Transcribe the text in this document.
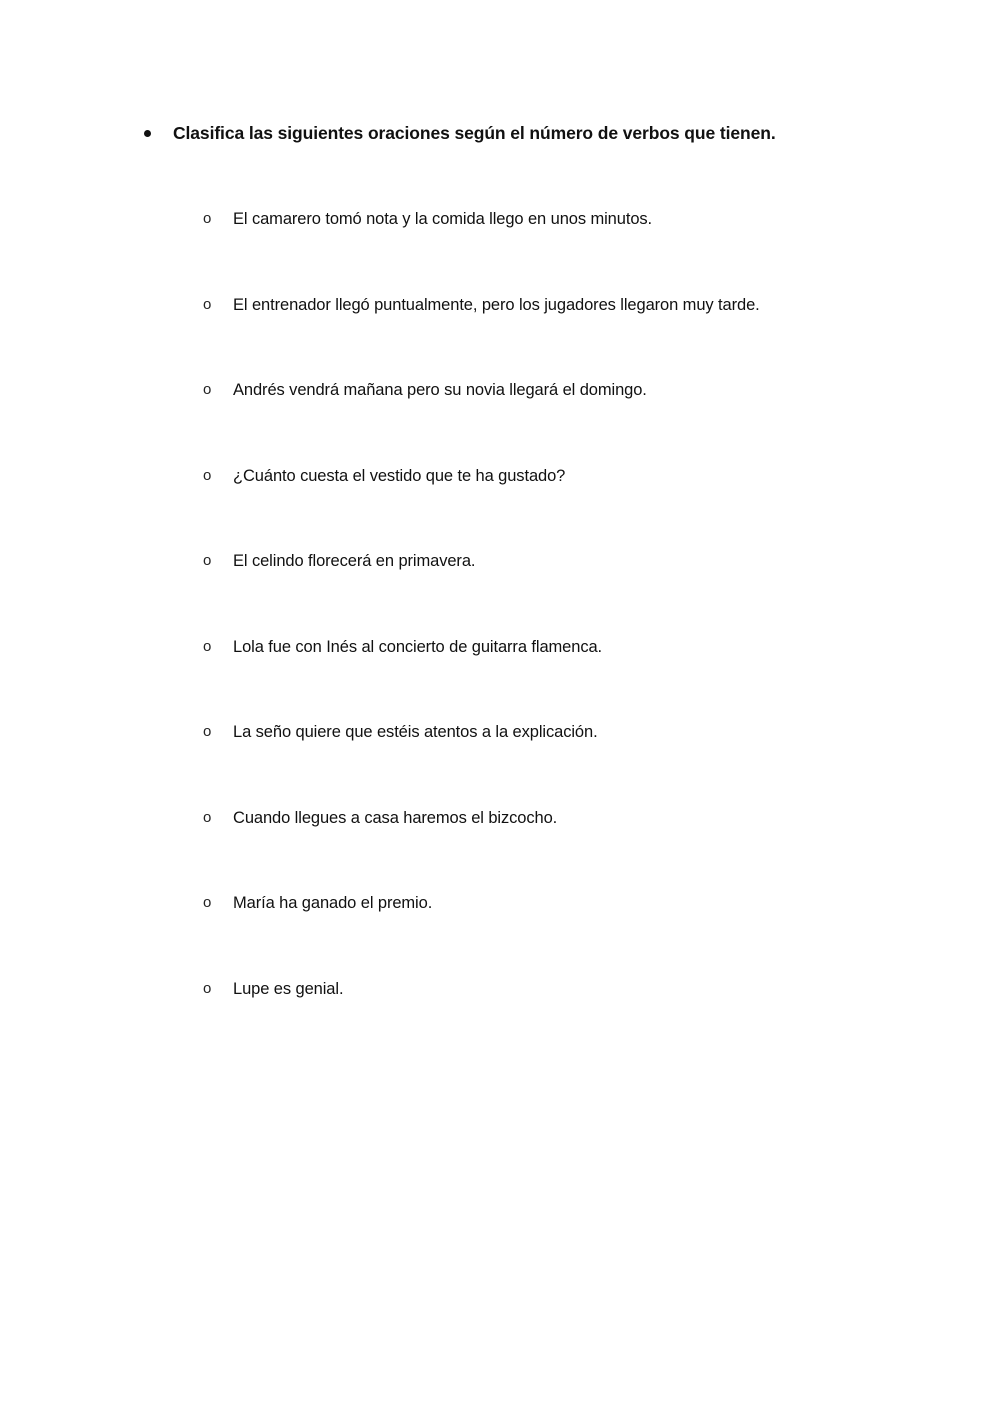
Clasifica las siguientes oraciones según el número de verbos que tienen.
o	El camarero tomó nota y la comida llego en unos minutos.
o	El entrenador llegó puntualmente, pero los jugadores llegaron muy tarde.
o	Andrés vendrá mañana pero su novia llegará el domingo.
o	¿Cuánto cuesta el vestido que te ha gustado?
o	El celindo florecerá en primavera.
o	Lola fue con Inés al concierto de guitarra flamenca.
o	La seño quiere que estéis atentos a la explicación.
o	Cuando llegues a casa haremos el bizcocho.
o	María ha ganado el premio.
o	Lupe es genial.
